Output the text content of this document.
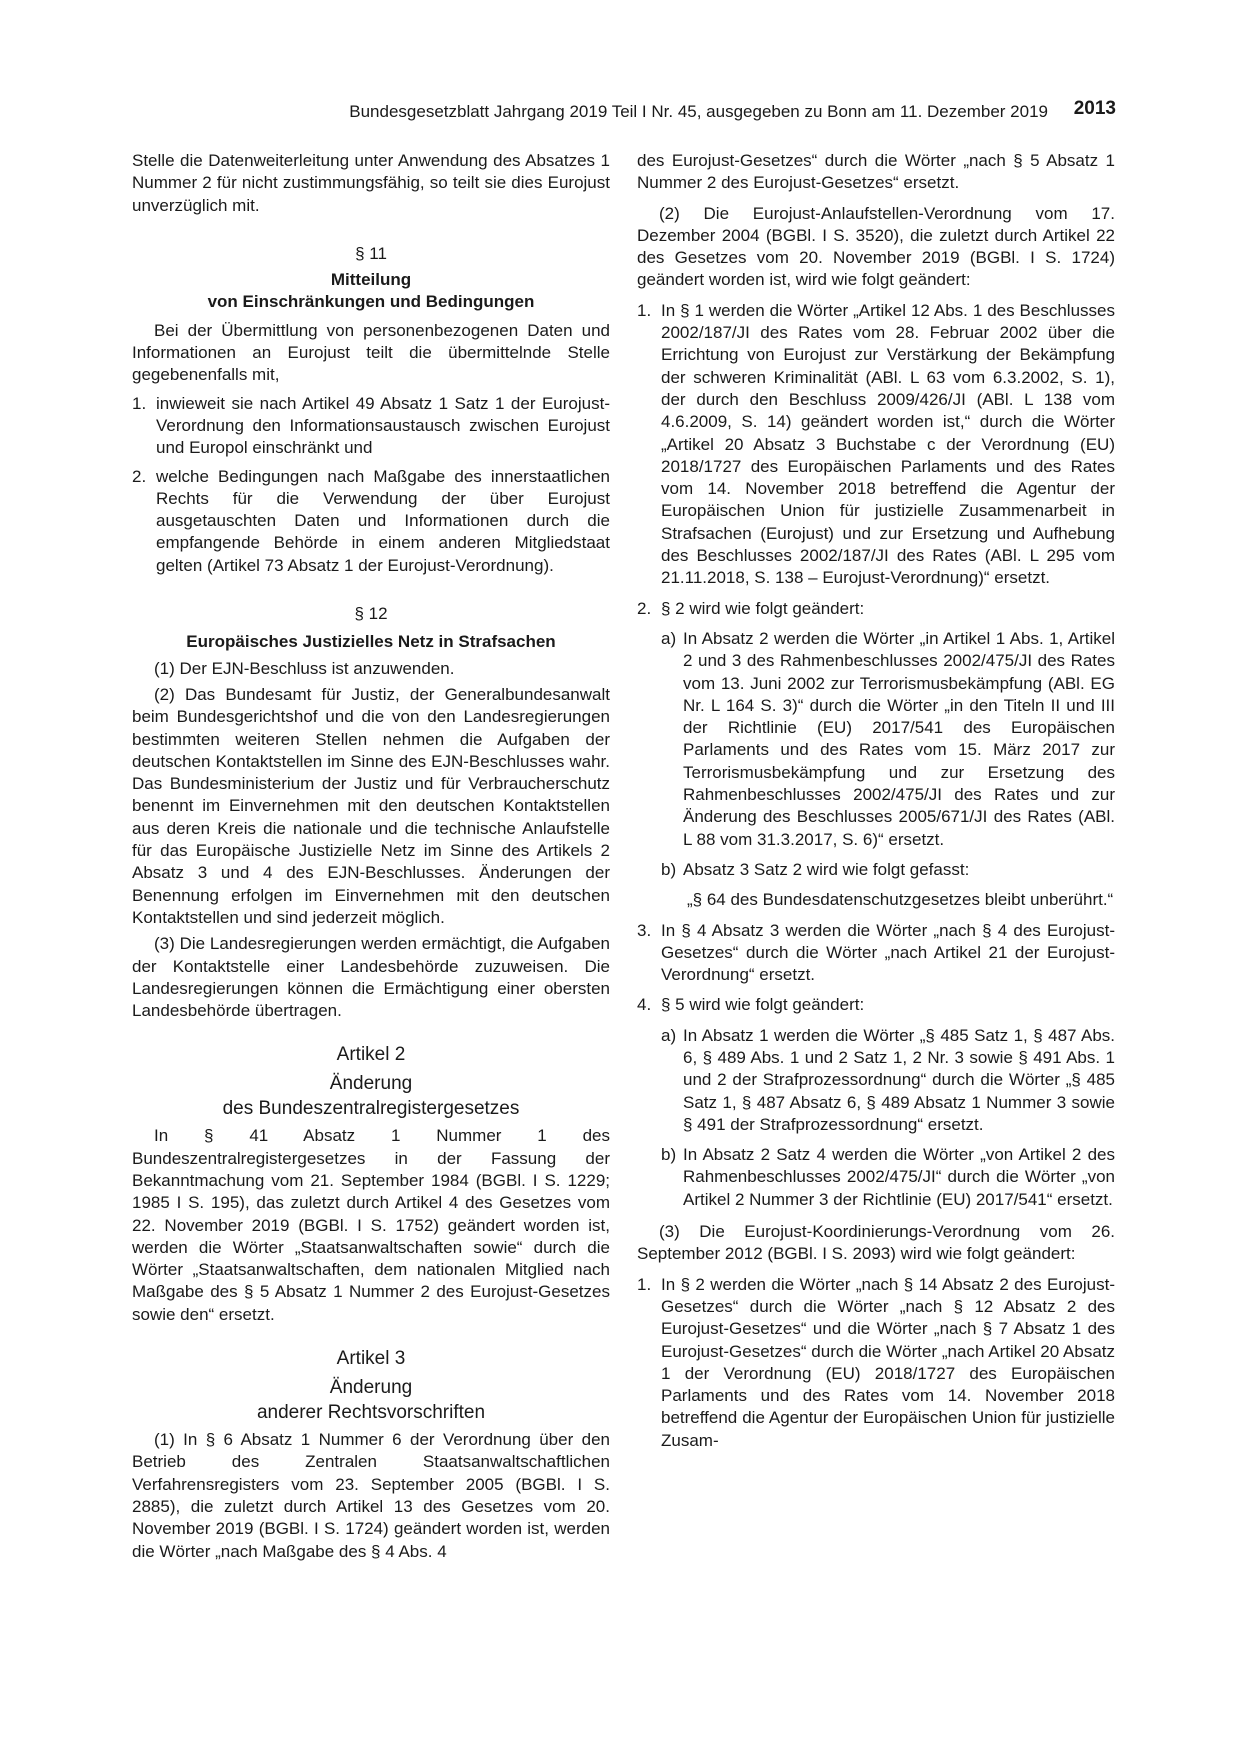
Bundesgesetzblatt Jahrgang 2019 Teil I Nr. 45, ausgegeben zu Bonn am 11. Dezember 2019 2013

Stelle die Datenweiterleitung unter Anwendung des Absatzes 1 Nummer 2 für nicht zustimmungsfähig, so teilt sie dies Eurojust unverzüglich mit.

§ 11

Mitteilung

von Einschränkungen und Bedingungen

Bei der Übermittlung von personenbezogenen Daten und Informationen an Eurojust teilt die übermittelnde Stelle gegebenenfalls mit,

1. inwieweit sie nach Artikel 49 Absatz 1 Satz 1 der Eurojust-Verordnung den Informationsaustausch zwischen Eurojust und Europol einschränkt und
2. welche Bedingungen nach Maßgabe des innerstaatlichen Rechts für die Verwendung der über Eurojust ausgetauschten Daten und Informationen durch die empfangende Behörde in einem anderen Mitgliedstaat gelten (Artikel 73 Absatz 1 der Eurojust-Verordnung).

§ 12

Europäisches Justizielles Netz in Strafsachen

(1) Der EJN-Beschluss ist anzuwenden.

(2) Das Bundesamt für Justiz, der Generalbundesanwalt beim Bundesgerichtshof und die von den Landesregierungen bestimmten weiteren Stellen nehmen die Aufgaben der deutschen Kontaktstellen im Sinne des EJN-Beschlusses wahr. Das Bundesministerium der Justiz und für Verbraucherschutz benennt im Einvernehmen mit den deutschen Kontaktstellen aus deren Kreis die nationale und die technische Anlaufstelle für das Europäische Justizielle Netz im Sinne des Artikels 2 Absatz 3 und 4 des EJN-Beschlusses. Änderungen der Benennung erfolgen im Einvernehmen mit den deutschen Kontaktstellen und sind jederzeit möglich.

(3) Die Landesregierungen werden ermächtigt, die Aufgaben der Kontaktstelle einer Landesbehörde zuzuweisen. Die Landesregierungen können die Ermächtigung einer obersten Landesbehörde übertragen.

Artikel 2

Änderung

des Bundeszentralregistergesetzes

In § 41 Absatz 1 Nummer 1 des Bundeszentralregistergesetzes in der Fassung der Bekanntmachung vom 21. September 1984 (BGBl. I S. 1229; 1985 I S. 195), das zuletzt durch Artikel 4 des Gesetzes vom 22. November 2019 (BGBl. I S. 1752) geändert worden ist, werden die Wörter „Staatsanwaltschaften sowie“ durch die Wörter „Staatsanwaltschaften, dem nationalen Mitglied nach Maßgabe des § 5 Absatz 1 Nummer 2 des Eurojust-Gesetzes sowie den“ ersetzt.

Artikel 3

Änderung

anderer Rechtsvorschriften

(1) In § 6 Absatz 1 Nummer 6 der Verordnung über den Betrieb des Zentralen Staatsanwaltschaftlichen Verfahrensregisters vom 23. September 2005 (BGBl. I S. 2885), die zuletzt durch Artikel 13 des Gesetzes vom 20. November 2019 (BGBl. I S. 1724) geändert worden ist, werden die Wörter „nach Maßgabe des § 4 Abs. 4

des Eurojust-Gesetzes“ durch die Wörter „nach § 5 Absatz 1 Nummer 2 des Eurojust-Gesetzes“ ersetzt.

(2) Die Eurojust-Anlaufstellen-Verordnung vom 17. Dezember 2004 (BGBl. I S. 3520), die zuletzt durch Artikel 22 des Gesetzes vom 20. November 2019 (BGBl. I S. 1724) geändert worden ist, wird wie folgt geändert:

1. In § 1 werden die Wörter „Artikel 12 Abs. 1 des Beschlusses 2002/187/JI des Rates vom 28. Februar 2002 über die Errichtung von Eurojust zur Verstärkung der Bekämpfung der schweren Kriminalität (ABl. L 63 vom 6.3.2002, S. 1), der durch den Beschluss 2009/426/JI (ABl. L 138 vom 4.6.2009, S. 14) geändert worden ist,“ durch die Wörter „Artikel 20 Absatz 3 Buchstabe c der Verordnung (EU) 2018/1727 des Europäischen Parlaments und des Rates vom 14. November 2018 betreffend die Agentur der Europäischen Union für justizielle Zusammenarbeit in Strafsachen (Eurojust) und zur Ersetzung und Aufhebung des Beschlusses 2002/187/JI des Rates (ABl. L 295 vom 21.11.2018, S. 138 – Eurojust-Verordnung)“ ersetzt.
2. § 2 wird wie folgt geändert:
a) In Absatz 2 werden die Wörter „in Artikel 1 Abs. 1, Artikel 2 und 3 des Rahmenbeschlusses 2002/475/JI des Rates vom 13. Juni 2002 zur Terrorismusbekämpfung (ABl. EG Nr. L 164 S. 3)“ durch die Wörter „in den Titeln II und III der Richtlinie (EU) 2017/541 des Europäischen Parlaments und des Rates vom 15. März 2017 zur Terrorismusbekämpfung und zur Ersetzung des Rahmenbeschlusses 2002/475/JI des Rates und zur Änderung des Beschlusses 2005/671/JI des Rates (ABl. L 88 vom 31.3.2017, S. 6)“ ersetzt.
b) Absatz 3 Satz 2 wird wie folgt gefasst:

„§ 64 des Bundesdatenschutzgesetzes bleibt unberührt.“

3. In § 4 Absatz 3 werden die Wörter „nach § 4 des Eurojust-Gesetzes“ durch die Wörter „nach Artikel 21 der Eurojust-Verordnung“ ersetzt.
4. § 5 wird wie folgt geändert:
a) In Absatz 1 werden die Wörter „§ 485 Satz 1, § 487 Abs. 6, § 489 Abs. 1 und 2 Satz 1, 2 Nr. 3 sowie § 491 Abs. 1 und 2 der Strafprozessordnung“ durch die Wörter „§ 485 Satz 1, § 487 Absatz 6, § 489 Absatz 1 Nummer 3 sowie § 491 der Strafprozessordnung“ ersetzt.
b) In Absatz 2 Satz 4 werden die Wörter „von Artikel 2 des Rahmenbeschlusses 2002/475/JI“ durch die Wörter „von Artikel 2 Nummer 3 der Richtlinie (EU) 2017/541“ ersetzt.

(3) Die Eurojust-Koordinierungs-Verordnung vom 26. September 2012 (BGBl. I S. 2093) wird wie folgt geändert:

1. In § 2 werden die Wörter „nach § 14 Absatz 2 des Eurojust-Gesetzes“ durch die Wörter „nach § 12 Absatz 2 des Eurojust-Gesetzes“ und die Wörter „nach § 7 Absatz 1 des Eurojust-Gesetzes“ durch die Wörter „nach Artikel 20 Absatz 1 der Verordnung (EU) 2018/1727 des Europäischen Parlaments und des Rates vom 14. November 2018 betreffend die Agentur der Europäischen Union für justizielle Zusam-
